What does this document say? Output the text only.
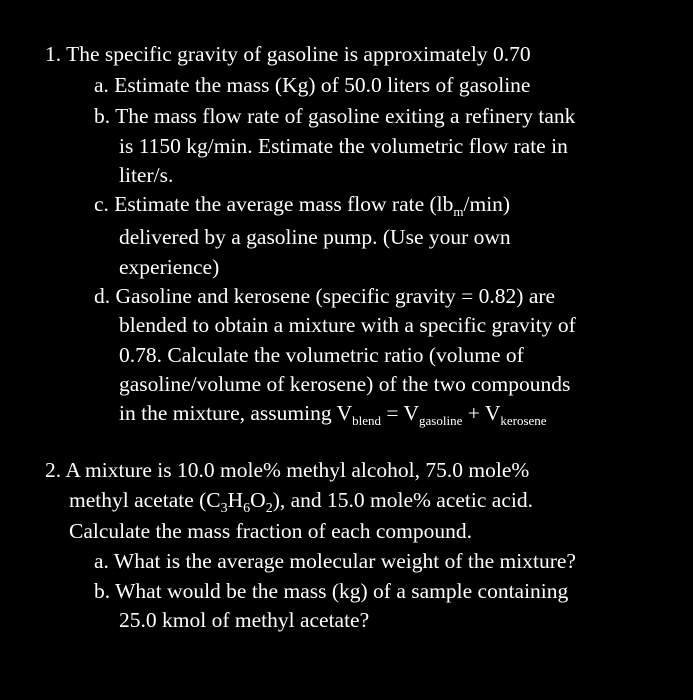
1. The specific gravity of gasoline is approximately 0.70
a. Estimate the mass (Kg) of 50.0 liters of gasoline
b. The mass flow rate of gasoline exiting a refinery tank
is 1150 kg/min. Estimate the volumetric flow rate in
liter/s.
c. Estimate the average mass flow rate $(lb_m/\min)$
delivered by a gasoline pump. (Use your own
experience)
d. Gasoline and kerosene (specific gravity = 0.82) are
blended to obtain a mixture with a specific gravity of
0.78. Calculate the volumetric ratio (volume of
gasoline/volume of kerosene) of the two compounds
in the mixture, assuming $V_{blend} = V_{gasoline} + V_{kerosene}$
2. A mixture is 10.0 mole% methyl alcohol, 75.0 mole%
methyl acetate $(C_3H_6O_2)$, and 15.0 mole% acetic acid.
Calculate the mass fraction of each compound.
a. What is the average molecular weight of the mixture?
b. What would be the mass (kg) of a sample containing
25.0 kmol of methyl acetate?
